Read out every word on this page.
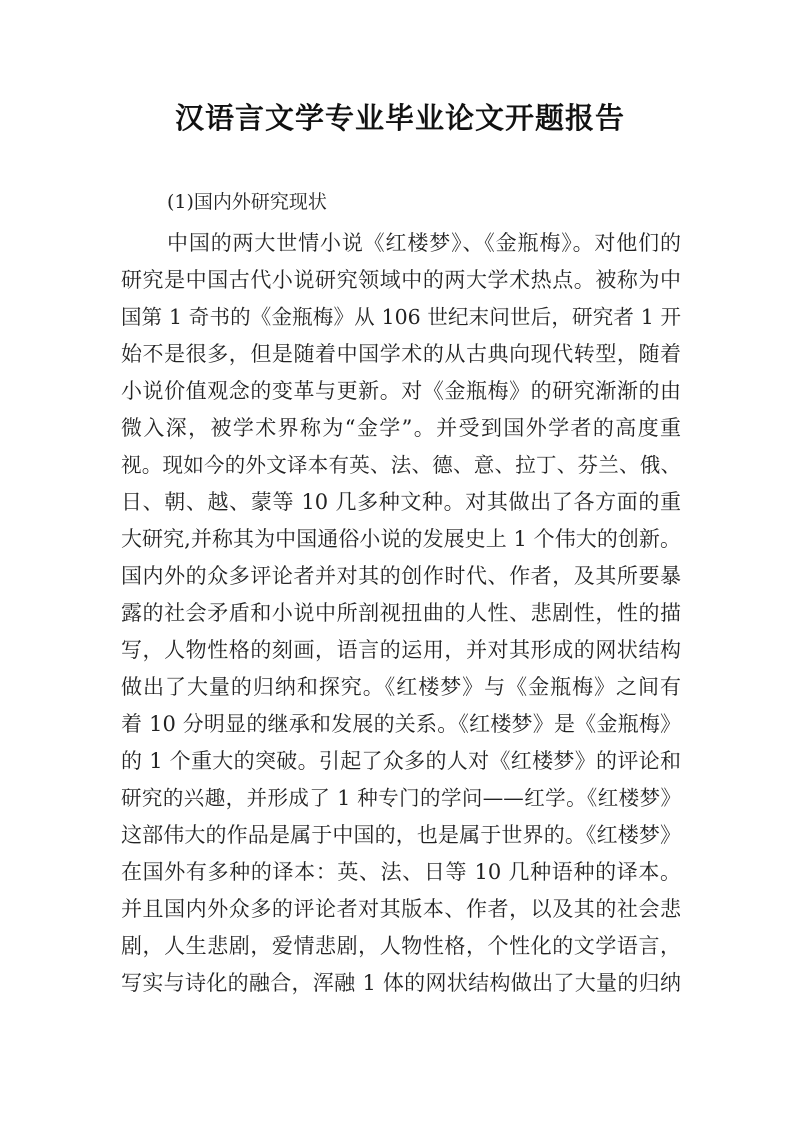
汉语言文学专业毕业论文开题报告

(1)国内外研究现状

中国的两大世情小说《红楼梦》、《金瓶梅》。对他们的

研究是中国古代小说研究领域中的两大学术热点。被称为中

国第 1 奇书的《金瓶梅》从 106 世纪末问世后，研究者 1 开

始不是很多，但是随着中国学术的从古典向现代转型，随着

小说价值观念的变革与更新。对《金瓶梅》的研究渐渐的由

微入深，被学术界称为“金学”。并受到国外学者的高度重

视。现如今的外文译本有英、法、德、意、拉丁、芬兰、俄、

日、朝、越、蒙等 10 几多种文种。对其做出了各方面的重

大研究,并称其为中国通俗小说的发展史上 1 个伟大的创新。

国内外的众多评论者并对其的创作时代、作者，及其所要暴

露的社会矛盾和小说中所剖视扭曲的人性、悲剧性，性的描

写，人物性格的刻画，语言的运用，并对其形成的网状结构

做出了大量的归纳和探究。《红楼梦》与《金瓶梅》之间有

着 10 分明显的继承和发展的关系。《红楼梦》是《金瓶梅》

的 1 个重大的突破。引起了众多的人对《红楼梦》的评论和

研究的兴趣，并形成了 1 种专门的学问——红学。《红楼梦》

这部伟大的作品是属于中国的，也是属于世界的。《红楼梦》

在国外有多种的译本：英、法、日等 10 几种语种的译本。

并且国内外众多的评论者对其版本、作者，以及其的社会悲

剧，人生悲剧，爱情悲剧，人物性格，个性化的文学语言，

写实与诗化的融合，浑融 1 体的网状结构做出了大量的归纳
